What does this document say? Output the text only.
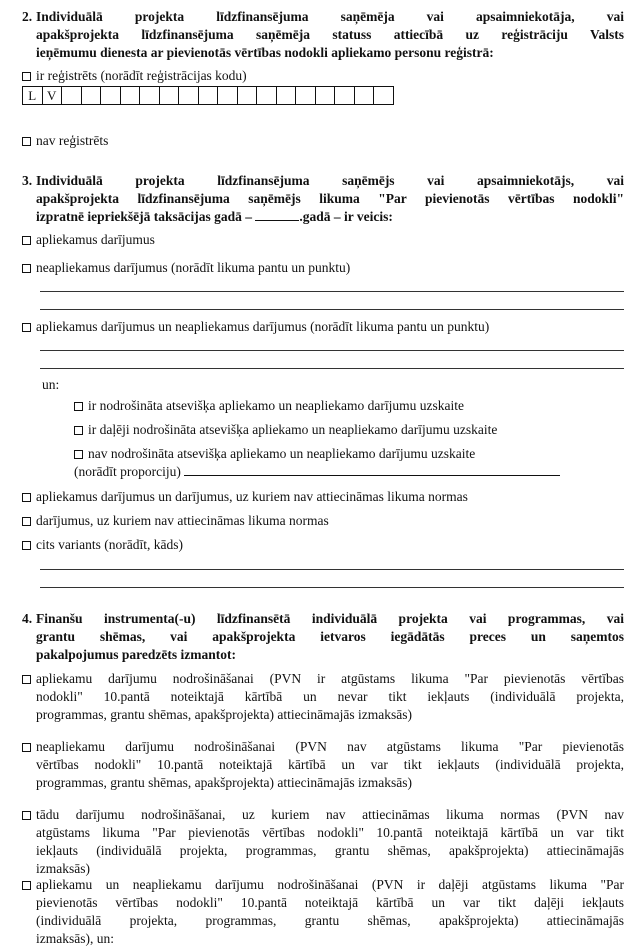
2. Individuālā projekta līdzfinansējuma saņēmēja vai apsaimniekotāja, vai
apakšprojekta līdzfinansējuma saņēmēja statuss attiecībā uz reģistrāciju Valsts
ieņēmumu dienesta ar pievienotās vērtības nodokli apliekamo personu reģistrā:
ir reģistrēts (norādīt reģistrācijas kodu)
L V
nav reģistrēts
3. Individuālā projekta līdzfinansējuma saņēmējs vai apsaimniekotājs, vai
apakšprojekta līdzfinansējuma saņēmējs likuma "Par pievienotās vērtības nodokli"
izpratnē iepriekšējā taksācijas gadā –	.gadā – ir veicis:
apliekamus darījumus
neapliekamus darījumus (norādīt likuma pantu un punktu)
apliekamus darījumus un neapliekamus darījumus (norādīt likuma pantu un punktu)
un:
ir nodrošināta atsevišķa apliekamo un neapliekamo darījumu uzskaite
ir daļēji nodrošināta atsevišķa apliekamo un neapliekamo darījumu uzskaite
nav nodrošināta atsevišķa apliekamo un neapliekamo darījumu uzskaite
(norādīt proporciju)
apliekamus darījumus un darījumus, uz kuriem nav attiecināmas likuma normas
darījumus, uz kuriem nav attiecināmas likuma normas
cits variants (norādīt, kāds)
4. Finanšu instrumenta(-u) līdzfinansētā individuālā projekta vai programmas, vai
grantu shēmas, vai apakšprojekta ietvaros iegādātās preces un saņemtos
pakalpojumus paredzēts izmantot:
apliekamu darījumu nodrošināšanai (PVN ir atgūstams likuma "Par pievienotās vērtības
nodokli" 10.pantā noteiktajā kārtībā un nevar tikt iekļauts (individuālā projekta,
programmas, grantu shēmas, apakšprojekta) attiecināmajās izmaksās)
neapliekamu darījumu nodrošināšanai (PVN nav atgūstams likuma "Par pievienotās
vērtības nodokli" 10.pantā noteiktajā kārtībā un var tikt iekļauts (individuālā projekta,
programmas, grantu shēmas, apakšprojekta) attiecināmajās izmaksās)
tādu darījumu nodrošināšanai, uz kuriem nav attiecināmas likuma normas (PVN nav
atgūstams likuma "Par pievienotās vērtības nodokli" 10.pantā noteiktajā kārtībā un var tikt
iekļauts (individuālā projekta, programmas, grantu shēmas, apakšprojekta) attiecināmajās
izmaksās)
apliekamu un neapliekamu darījumu nodrošināšanai (PVN ir daļēji atgūstams likuma "Par
pievienotās vērtības nodokli" 10.pantā noteiktajā kārtībā un var tikt daļēji iekļauts
(individuālā projekta, programmas, grantu shēmas, apakšprojekta) attiecināmajās
izmaksās), un:
